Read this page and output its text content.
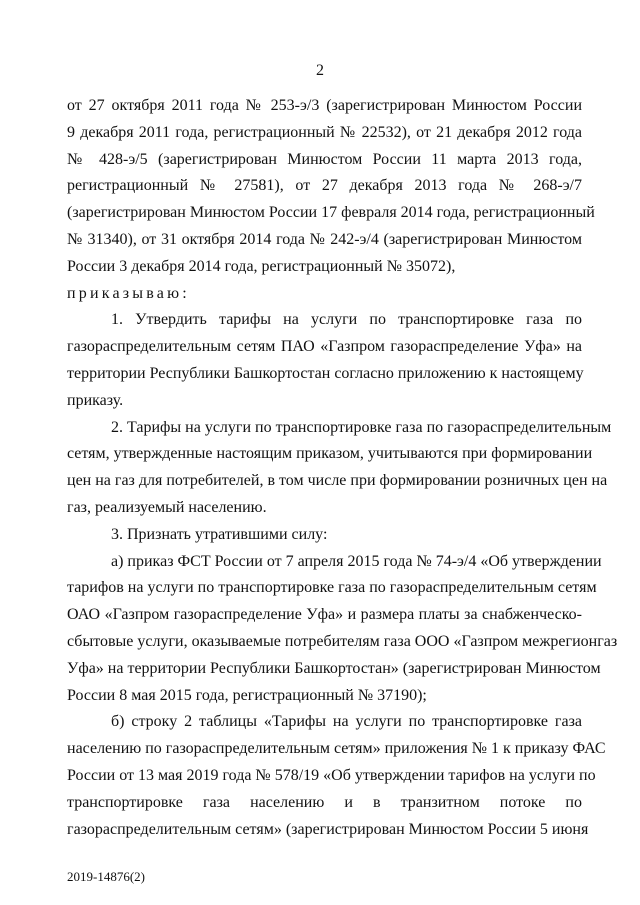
2

от 27 октября 2011 года № 253-э/3 (зарегистрирован Минюстом России
9 декабря 2011 года, регистрационный № 22532), от 21 декабря 2012 года
№ 428-э/5 (зарегистрирован Минюстом России 11 марта 2013 года,
регистрационный № 27581), от 27 декабря 2013 года № 268-э/7
(зарегистрирован Минюстом России 17 февраля 2014 года, регистрационный
№ 31340), от 31 октября 2014 года № 242-э/4 (зарегистрирован Минюстом
России 3 декабря 2014 года, регистрационный № 35072),

приказываю:

1. Утвердить тарифы на услуги по транспортировке газа по
газораспределительным сетям ПАО «Газпром газораспределение Уфа» на
территории Республики Башкортостан согласно приложению к настоящему
приказу.

2. Тарифы на услуги по транспортировке газа по газораспределительным
сетям, утвержденные настоящим приказом, учитываются при формировании
цен на газ для потребителей, в том числе при формировании розничных цен на
газ, реализуемый населению.

3. Признать утратившими силу:

а) приказ ФСТ России от 7 апреля 2015 года № 74-э/4 «Об утверждении
тарифов на услуги по транспортировке газа по газораспределительным сетям
ОАО «Газпром газораспределение Уфа» и размера платы за снабженческо-
сбытовые услуги, оказываемые потребителям газа ООО «Газпром межрегионгаз
Уфа» на территории Республики Башкортостан» (зарегистрирован Минюстом
России 8 мая 2015 года, регистрационный № 37190);

б) строку 2 таблицы «Тарифы на услуги по транспортировке газа
населению по газораспределительным сетям» приложения № 1 к приказу ФАС
России от 13 мая 2019 года № 578/19 «Об утверждении тарифов на услуги по
транспортировке газа населению и в транзитном потоке по
газораспределительным сетям» (зарегистрирован Минюстом России 5 июня

2019-14876(2)
